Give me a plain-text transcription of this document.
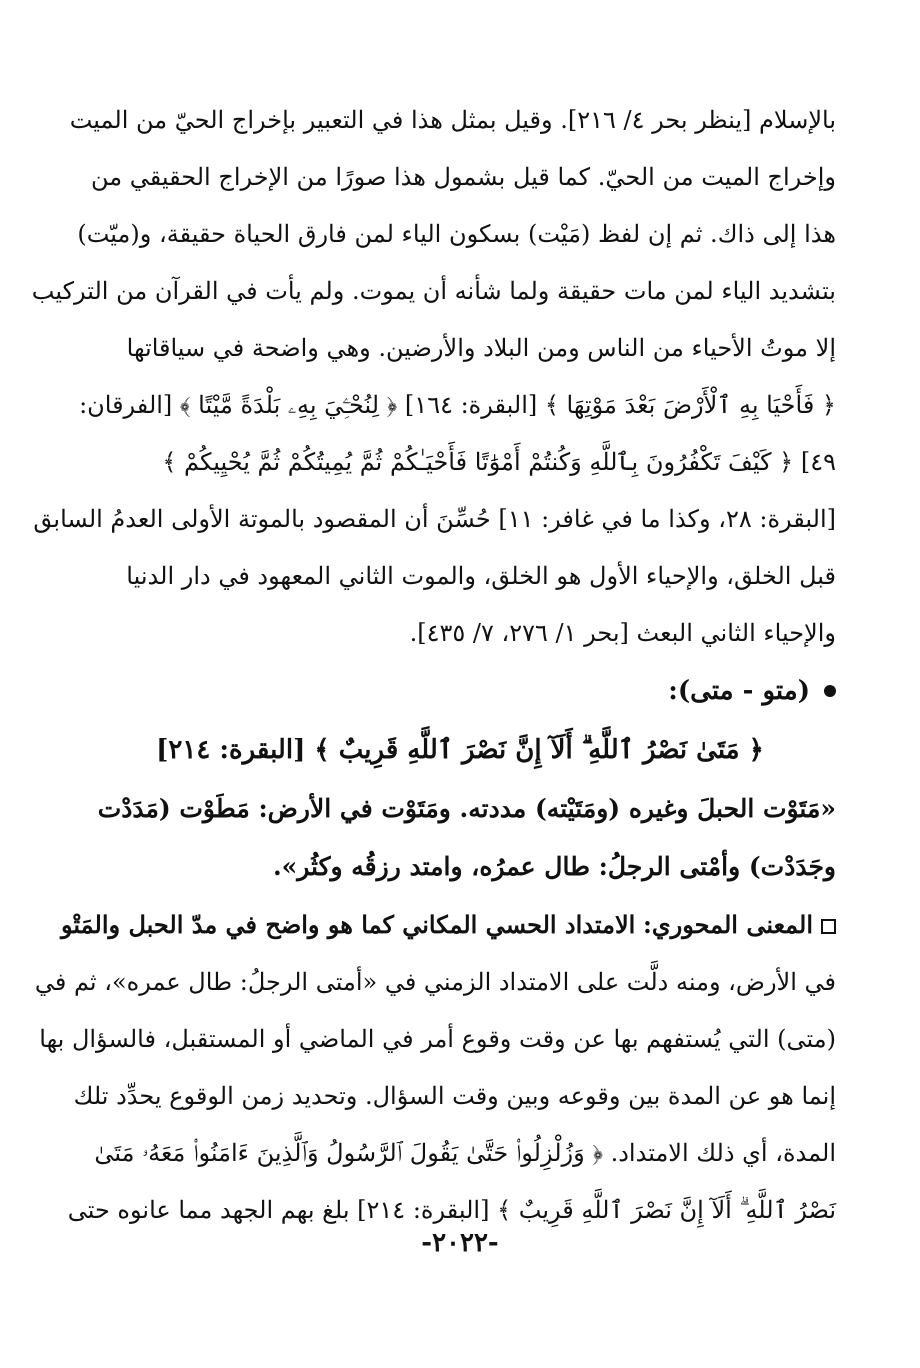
بالإسلام [ينظر بحر ٤/ ٢١٦]. وقيل بمثل هذا في التعبير بإخراج الحيّ من الميت
وإخراج الميت من الحيّ. كما قيل بشمول هذا صورًا من الإخراج الحقيقي من
هذا إلى ذاك. ثم إن لفظ (مَيْت) بسكون الياء لمن فارق الحياة حقيقة، و(ميّت)
بتشديد الياء لمن مات حقيقة ولما شأنه أن يموت. ولم يأت في القرآن من التركيب
إلا موتُ الأحياء من الناس ومن البلاد والأرضين. وهي واضحة في سياقاتها
﴿ فَأَحْيَا بِهِ ٱلْأَرْضَ بَعْدَ مَوْتِهَا ﴾ [البقرة: ١٦٤] ﴿ لِنُحْـِۧيَ بِهِۦ بَلْدَةً مَّيْتًا ﴾ [الفرقان:
٤٩] ﴿ كَيْفَ تَكْفُرُونَ بِٱللَّهِ وَكُنتُمْ أَمْوَٰتًا فَأَحْيَـٰكُمْ ثُمَّ يُمِيتُكُمْ ثُمَّ يُحْيِيكُمْ ﴾
[البقرة: ٢٨، وكذا ما في غافر: ١١] حُسِّنَ أن المقصود بالموتة الأولى العدمُ السابق
قبل الخلق، والإحياء الأول هو الخلق، والموت الثاني المعهود في دار الدنيا
والإحياء الثاني البعث [بحر ١/ ٢٧٦، ٧/ ٤٣٥].
(متو - متى):

﴿ مَتَىٰ نَصْرُ ٱللَّهِ ۗ أَلَآ إِنَّ نَصْرَ ٱللَّهِ قَرِيبٌ ﴾ [البقرة: ٢١٤]

«مَتَوْت الحبلَ وغيره (ومَتَيْته) مددته. ومَتَوْت في الأرض: مَطَوْت (مَدَدْت
وجَدَدْت) وأمْتى الرجلُ: طال عمرُه، وامتد رزقُه وكثُر».
المعنى المحوري: الامتداد الحسي المكاني كما هو واضح في مدّ الحبل والمَتْو
في الأرض، ومنه دلَّت على الامتداد الزمني في «أمتى الرجلُ: طال عمره»، ثم في
(متى) التي يُستفهم بها عن وقت وقوع أمر في الماضي أو المستقبل، فالسؤال بها
إنما هو عن المدة بين وقوعه وبين وقت السؤال. وتحديد زمن الوقوع يحدِّد تلك
المدة، أي ذلك الامتداد. ﴿ وَزُلْزِلُوا۟ حَتَّىٰ يَقُولَ ٱلرَّسُولُ وَٱلَّذِينَ ءَامَنُوا۟ مَعَهُۥ مَتَىٰ
نَصْرُ ٱللَّهِ ۗ أَلَآ إِنَّ نَصْرَ ٱللَّهِ قَرِيبٌ ﴾ [البقرة: ٢١٤] بلغ بهم الجهد مما عانوه حتى
-٢٠٢٢-
